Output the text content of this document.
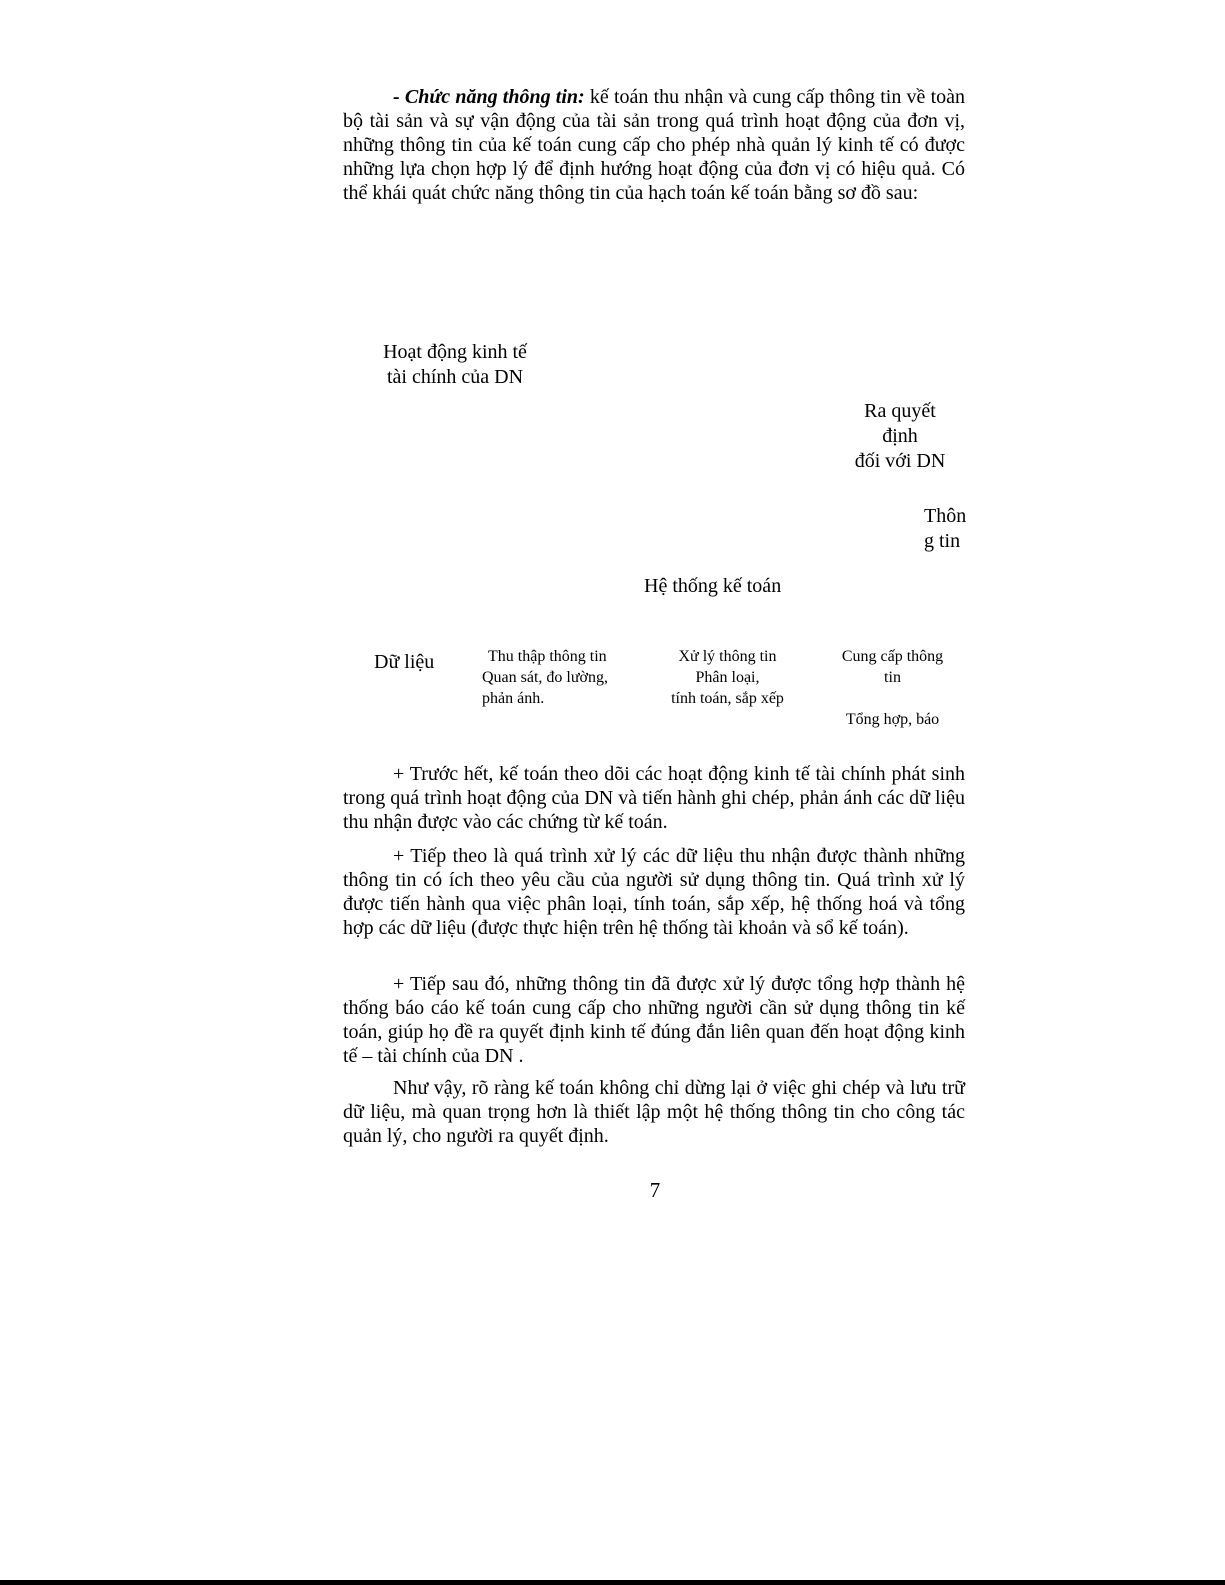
- Chức năng thông tin: kế toán thu nhận và cung cấp thông tin về toàn bộ tài sản và sự vận động của tài sản trong quá trình hoạt động của đơn vị, những thông tin của kế toán cung cấp cho phép nhà quản lý kinh tế có được những lựa chọn hợp lý để định hướng hoạt động của đơn vị có hiệu quả. Có thể khái quát chức năng thông tin của hạch toán kế toán bằng sơ đồ sau:

Hoạt động kinh tế
tài chính của DN
Ra quyết
định
đối với DN
Thôn
g tin
Hệ thống kế toán
Dữ liệu	Thu thập thông tin
Quan sát, đo lường,
phản ánh.
Xử lý thông tin
Phân loại,
tính toán, sắp xếp
Cung cấp thông
tin
Tổng hợp, báo

+ Trước hết, kế toán theo dõi các hoạt động kinh tế tài chính phát sinh trong quá trình hoạt động của DN và tiến hành ghi chép, phản ánh các dữ liệu thu nhận được vào các chứng từ kế toán.

+ Tiếp theo là quá trình xử lý các dữ liệu thu nhận được thành những thông tin có ích theo yêu cầu của người sử dụng thông tin. Quá trình xử lý được tiến hành qua việc phân loại, tính toán, sắp xếp, hệ thống hoá và tổng hợp các dữ liệu (được thực hiện trên hệ thống tài khoản và sổ kế toán).

+ Tiếp sau đó, những thông tin đã được xử lý được tổng hợp thành hệ thống báo cáo kế toán cung cấp cho những người cần sử dụng thông tin kế toán, giúp họ đề ra quyết định kinh tế đúng đắn liên quan đến hoạt động kinh tế – tài chính của DN .

Như vậy, rõ ràng kế toán không chỉ dừng lại ở việc ghi chép và lưu trữ dữ liệu, mà quan trọng hơn là thiết lập một hệ thống thông tin cho công tác quản lý, cho người ra quyết định.

7
